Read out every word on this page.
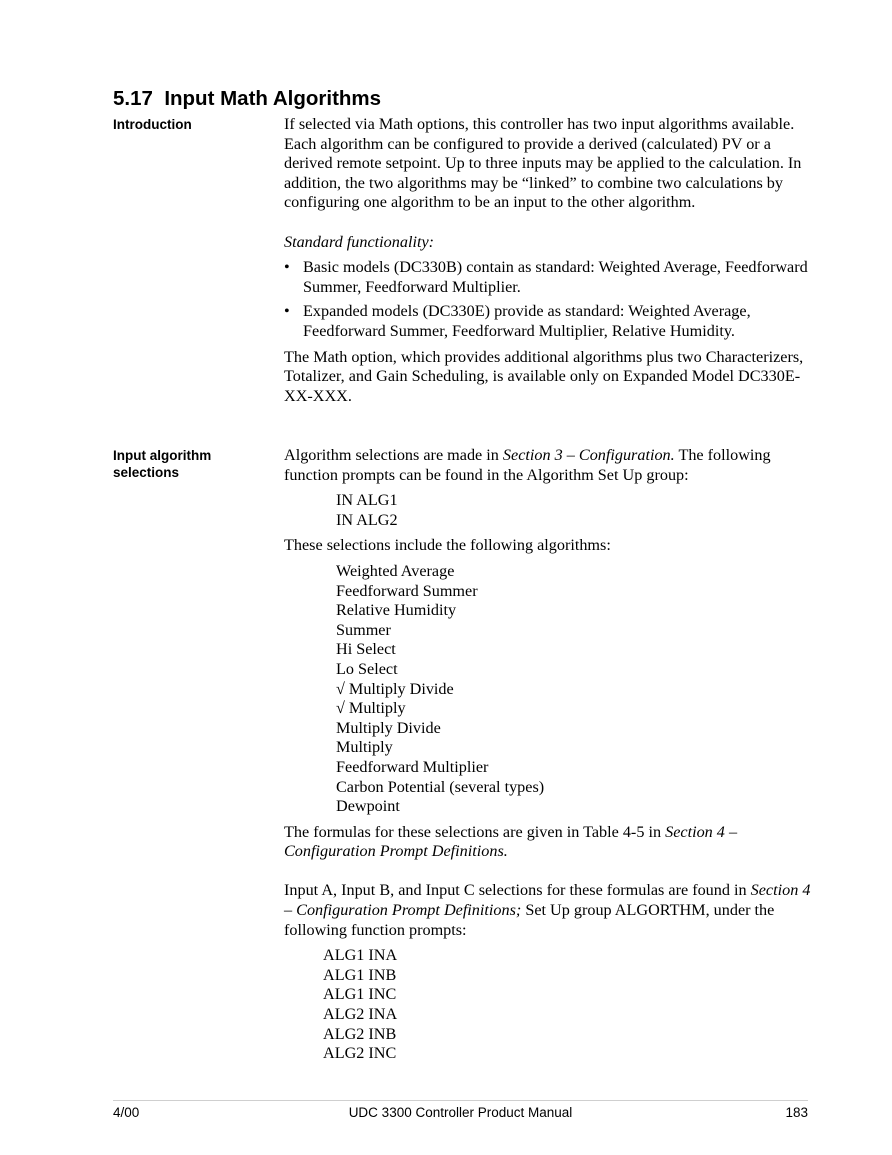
5.17 Input Math Algorithms
Introduction	If selected via Math options, this controller has two input algorithms available. Each algorithm can be configured to provide a derived (calculated) PV or a derived remote setpoint. Up to three inputs may be applied to the calculation. In addition, the two algorithms may be “linked” to combine two calculations by configuring one algorithm to be an input to the other algorithm.

Standard functionality:

• Basic models (DC330B) contain as standard: Weighted Average, Feedforward Summer, Feedforward Multiplier.
• Expanded models (DC330E) provide as standard: Weighted Average, Feedforward Summer, Feedforward Multiplier, Relative Humidity.

The Math option, which provides additional algorithms plus two Characterizers, Totalizer, and Gain Scheduling, is available only on Expanded Model DC330E-XX-XXX.

Input algorithm
selections

Algorithm selections are made in Section 3 – Configuration. The following function prompts can be found in the Algorithm Set Up group:

IN ALG1
IN ALG2

These selections include the following algorithms:

Weighted Average
Feedforward Summer
Relative Humidity
Summer
Hi Select
Lo Select
√ Multiply Divide
√ Multiply
Multiply Divide
Multiply
Feedforward Multiplier
Carbon Potential (several types)
Dewpoint

The formulas for these selections are given in Table 4-5 in Section 4 – Configuration Prompt Definitions.

Input A, Input B, and Input C selections for these formulas are found in Section 4 – Configuration Prompt Definitions; Set Up group ALGORTHM, under the following function prompts:

ALG1 INA
ALG1 INB
ALG1 INC
ALG2 INA
ALG2 INB
ALG2 INC
4/00	UDC 3300 Controller Product Manual	183
